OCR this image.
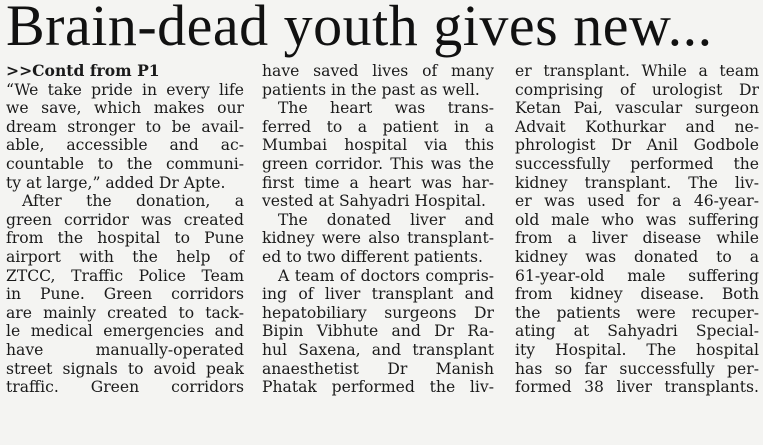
Brain-dead youth gives new...
>>Contd from P1
“We take pride in every life
we save, which makes our
dream stronger to be avail-
able, accessible and ac-
countable to the communi-
ty at large,” added Dr Apte.
After the donation, a
green corridor was created
from the hospital to Pune
airport with the help of
ZTCC, Traffic Police Team
in Pune. Green corridors
are mainly created to tack-
le medical emergencies and
have manually-operated
street signals to avoid peak
traffic. Green corridors
have saved lives of many
patients in the past as well.
The heart was trans-
ferred to a patient in a
Mumbai hospital via this
green corridor. This was the
first time a heart was har-
vested at Sahyadri Hospital.
The donated liver and
kidney were also transplant-
ed to two different patients.
A team of doctors compris-
ing of liver transplant and
hepatobiliary surgeons Dr
Bipin Vibhute and Dr Ra-
hul Saxena, and transplant
anaesthetist Dr Manish
Phatak performed the liv-
er transplant. While a team
comprising of urologist Dr
Ketan Pai, vascular surgeon
Advait Kothurkar and ne-
phrologist Dr Anil Godbole
successfully performed the
kidney transplant. The liv-
er was used for a 46-year-
old male who was suffering
from a liver disease while
kidney was donated to a
61-year-old male suffering
from kidney disease. Both
the patients were recuper-
ating at Sahyadri Special-
ity Hospital. The hospital
has so far successfully per-
formed 38 liver transplants.
